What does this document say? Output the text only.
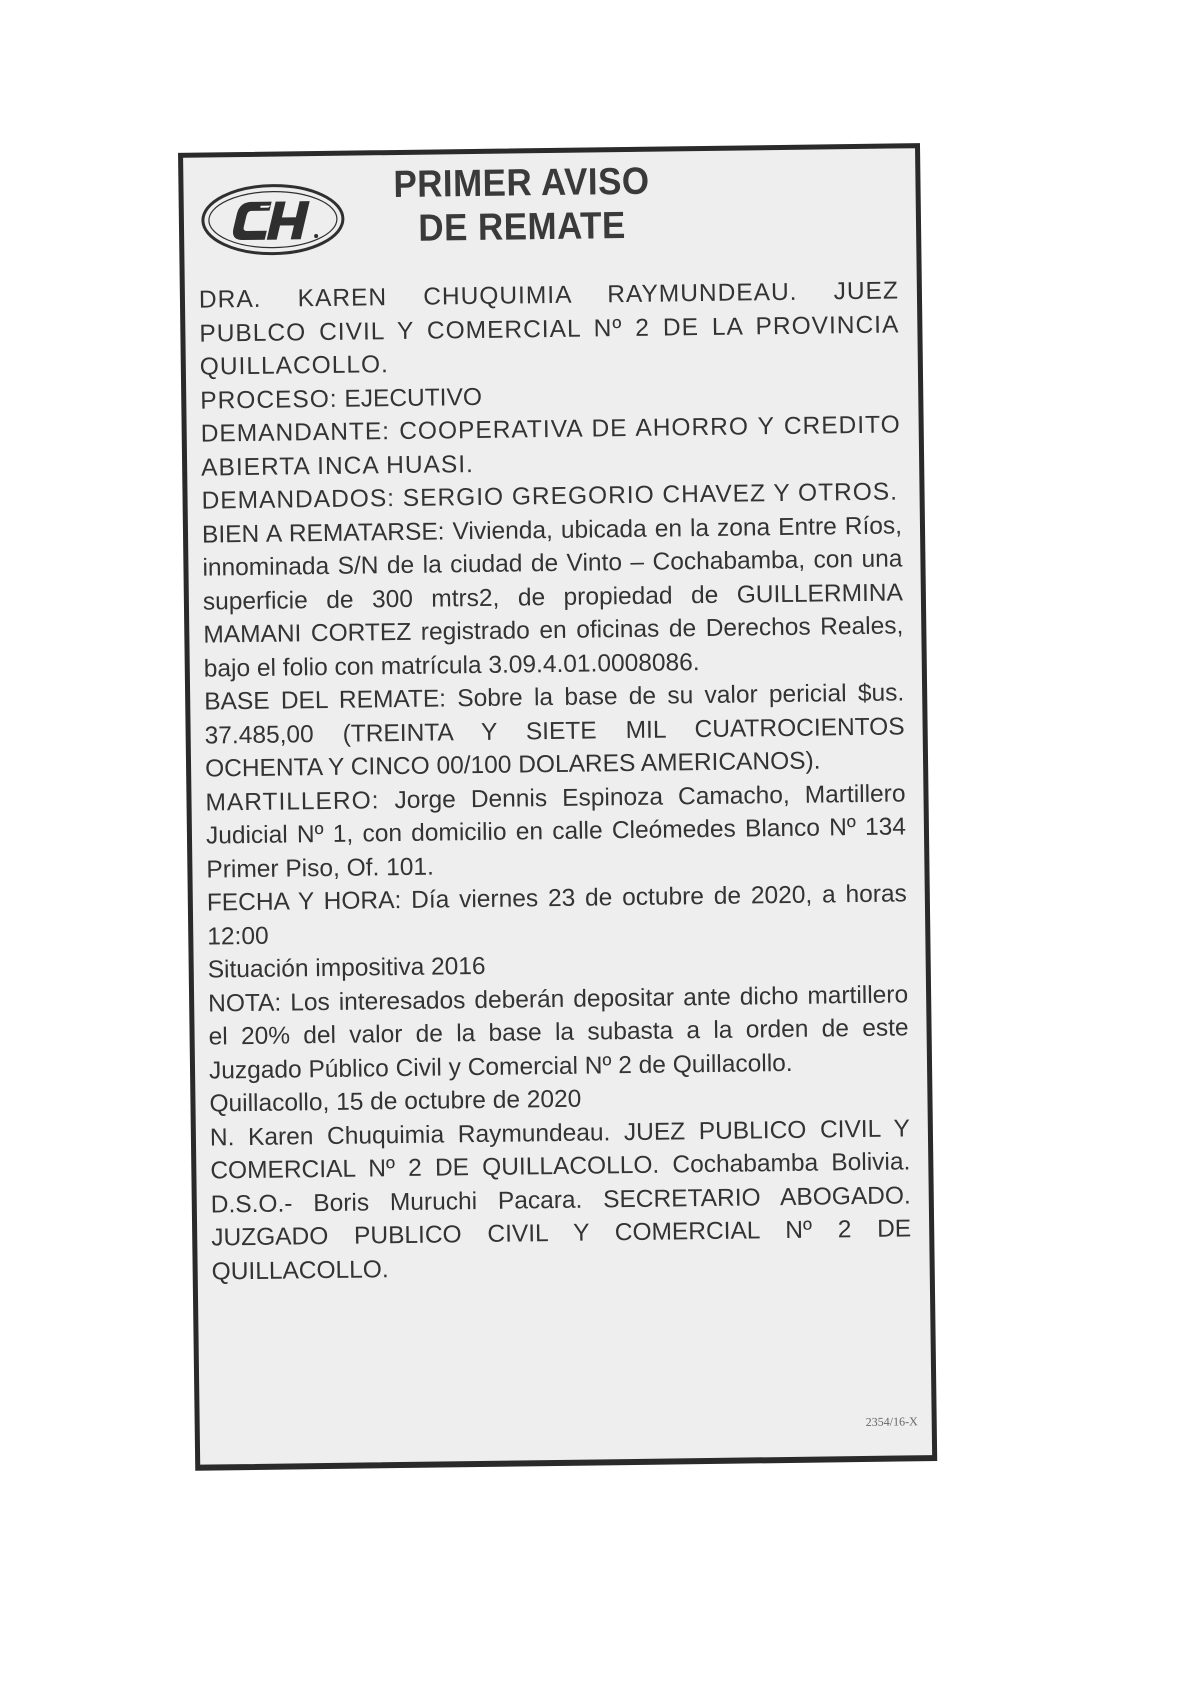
PRIMER AVISO
DE REMATE

DRA. KAREN CHUQUIMIA RAYMUNDEAU. JUEZ PUBLCO CIVIL Y COMERCIAL Nº 2 DE LA PROVINCIA QUILLACOLLO.

PROCESO: EJECUTIVO

DEMANDANTE: COOPERATIVA DE AHORRO Y CREDITO ABIERTA INCA HUASI.

DEMANDADOS: SERGIO GREGORIO CHAVEZ Y OTROS.

BIEN A REMATARSE: Vivienda, ubicada en la zona Entre Ríos, innominada S/N de la ciudad de Vinto – Cochabamba, con una superficie de 300 mtrs2, de propiedad de GUILLERMINA MAMANI CORTEZ registrado en oficinas de Derechos Reales, bajo el folio con matrícula 3.09.4.01.0008086.

BASE DEL REMATE: Sobre la base de su valor pericial $us. 37.485,00 (TREINTA Y SIETE MIL CUATROCIENTOS OCHENTA Y CINCO 00/100 DOLARES AMERICANOS).

MARTILLERO: Jorge Dennis Espinoza Camacho, Martillero Judicial Nº 1, con domicilio en calle Cleómedes Blanco Nº 134 Primer Piso, Of. 101.

FECHA Y HORA: Día viernes 23 de octubre de 2020, a horas 12:00

Situación impositiva 2016

NOTA: Los interesados deberán depositar ante dicho martillero el 20% del valor de la base la subasta a la orden de este Juzgado Público Civil y Comercial Nº 2 de Quillacollo.

Quillacollo, 15 de octubre de 2020

N. Karen Chuquimia Raymundeau. JUEZ PUBLICO CIVIL Y COMERCIAL Nº 2 DE QUILLACOLLO. Cochabamba Bolivia. D.S.O.- Boris Muruchi Pacara. SECRETARIO ABOGADO. JUZGADO PUBLICO CIVIL Y COMERCIAL Nº 2 DE QUILLACOLLO.

2354/16-X
